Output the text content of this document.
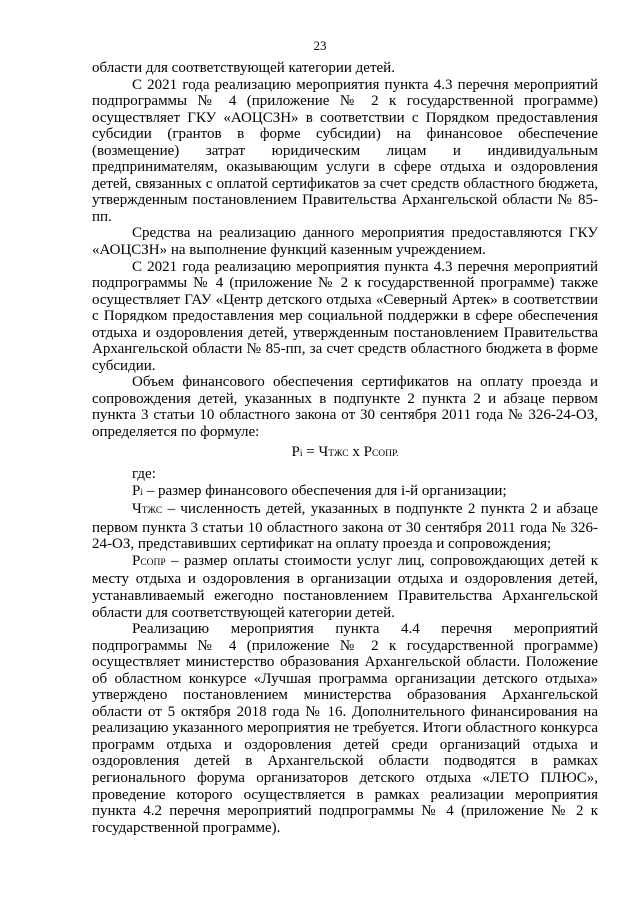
23

области для соответствующей категории детей.

С 2021 года реализацию мероприятия пункта 4.3 перечня мероприятий подпрограммы № 4 (приложение № 2 к государственной программе) осуществляет ГКУ «АОЦСЗН» в соответствии с Порядком предоставления субсидии (грантов в форме субсидии) на финансовое обеспечение (возмещение) затрат юридическим лицам и индивидуальным предпринимателям, оказывающим услуги в сфере отдыха и оздоровления детей, связанных с оплатой сертификатов за счет средств областного бюджета, утвержденным постановлением Правительства Архангельской области № 85-пп.

Средства на реализацию данного мероприятия предоставляются ГКУ «АОЦСЗН» на выполнение функций казенным учреждением.

С 2021 года реализацию мероприятия пункта 4.3 перечня мероприятий подпрограммы № 4 (приложение № 2 к государственной программе) также осуществляет ГАУ «Центр детского отдыха «Северный Артек» в соответствии с Порядком предоставления мер социальной поддержки в сфере обеспечения отдыха и оздоровления детей, утвержденным постановлением Правительства Архангельской области № 85-пп, за счет средств областного бюджета в форме субсидии.

Объем финансового обеспечения сертификатов на оплату проезда и сопровождения детей, указанных в подпункте 2 пункта 2 и абзаце первом пункта 3 статьи 10 областного закона от 30 сентября 2011 года № 326-24-ОЗ, определяется по формуле:

Pi = ЧТЖС x PСОПР.

где:

Pi – размер финансового обеспечения для i-й организации;

ЧТЖС – численность детей, указанных в подпункте 2 пункта 2 и абзаце первом пункта 3 статьи 10 областного закона от 30 сентября 2011 года № 326-24-ОЗ, представивших сертификат на оплату проезда и сопровождения;

PСОПР – размер оплаты стоимости услуг лиц, сопровождающих детей к месту отдыха и оздоровления в организации отдыха и оздоровления детей, устанавливаемый ежегодно постановлением Правительства Архангельской области для соответствующей категории детей.

Реализацию мероприятия пункта 4.4 перечня мероприятий подпрограммы № 4 (приложение № 2 к государственной программе) осуществляет министерство образования Архангельской области. Положение об областном конкурсе «Лучшая программа организации детского отдыха» утверждено постановлением министерства образования Архангельской области от 5 октября 2018 года № 16. Дополнительного финансирования на реализацию указанного мероприятия не требуется. Итоги областного конкурса программ отдыха и оздоровления детей среди организаций отдыха и оздоровления детей в Архангельской области подводятся в рамках регионального форума организаторов детского отдыха «ЛЕТО ПЛЮС», проведение которого осуществляется в рамках реализации мероприятия пункта 4.2 перечня мероприятий подпрограммы № 4 (приложение № 2 к государственной программе).
